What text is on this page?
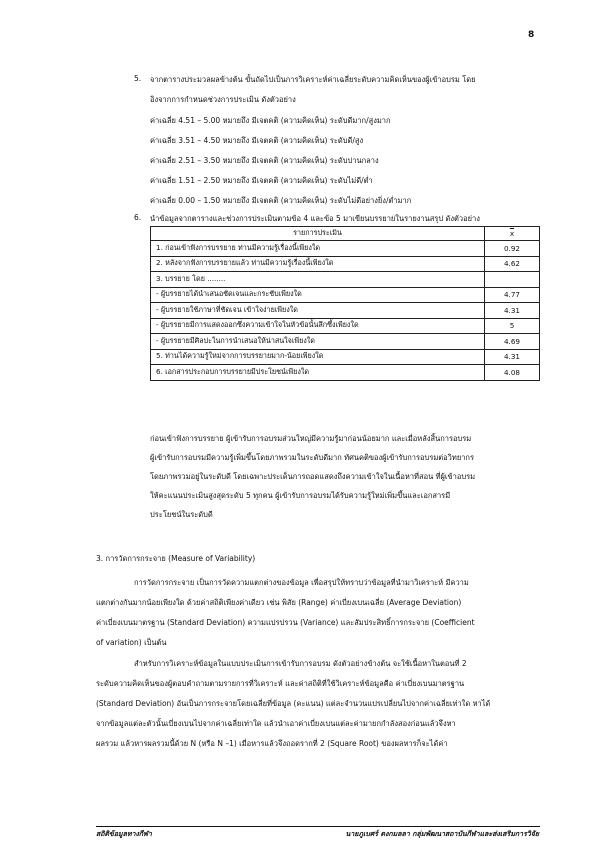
8
5. จากตารางประมวลผลข้างต้น ขั้นถัดไปเป็นการวิเคราะห์ค่าเฉลี่ยระดับความคิดเห็นของผู้เข้าอบรม โดย
อิงจากการกำหนดช่วงการประเมิน ดังตัวอย่าง
ค่าเฉลี่ย 4.51 – 5.00 หมายถึง มีเจตคติ (ความคิดเห็น) ระดับดีมาก/สูงมาก
ค่าเฉลี่ย 3.51 – 4.50 หมายถึง มีเจตคติ (ความคิดเห็น) ระดับดี/สูง
ค่าเฉลี่ย 2.51 – 3.50 หมายถึง มีเจตคติ (ความคิดเห็น) ระดับปานกลาง
ค่าเฉลี่ย 1.51 – 2.50 หมายถึง มีเจตคติ (ความคิดเห็น) ระดับไม่ดี/ต่ำ
ค่าเฉลี่ย 0.00 – 1.50 หมายถึง มีเจตคติ (ความคิดเห็น) ระดับไม่ดีอย่างยิ่ง/ต่ำมาก
6. นำข้อมูลจากตารางและช่วงการประเมินตามข้อ 4 และข้อ 5 มาเขียนบรรยายในรายงานสรุป ดังตัวอย่าง
รายการประเมิน	$\overline{x}$
1. ก่อนเข้าฟังการบรรยาย ท่านมีความรู้เรื่องนี้เพียงใด	0.92
2. หลังจากฟังการบรรยายแล้ว ท่านมีความรู้เรื่องนี้เพียงใด	4.62
3. บรรยาย โดย ........	
- ผู้บรรยายได้นำเสนอชัดเจนและกระชับเพียงใด	4.77
- ผู้บรรยายใช้ภาษาที่ชัดเจน เข้าใจง่ายเพียงใด	4.31
- ผู้บรรยายมีการแสดงออกซึ่งความเข้าใจในหัวข้อนั้นลึกซึ้งเพียงใด	5
- ผู้บรรยายมีศิลปะในการนำเสนอให้น่าสนใจเพียงใด	4.69
5. ท่านได้ความรู้ใหม่จากการบรรยายมาก-น้อยเพียงใด	4.31
6. เอกสารประกอบการบรรยายมีประโยชน์เพียงใด	4.08
ก่อนเข้าฟังการบรรยาย ผู้เข้ารับการอบรมส่วนใหญ่มีความรู้มาก่อนน้อยมาก และเมื่อหลังสิ้นการอบรม
ผู้เข้ารับการอบรมมีความรู้เพิ่มขึ้นโดยภาพรวมในระดับดีมาก ทัศนคติของผู้เข้ารับการอบรมต่อวิทยากร
โดยภาพรวมอยู่ในระดับดี โดยเฉพาะประเด็นการถอดแสดงถึงความเข้าใจในเนื้อหาที่สอน ที่ผู้เข้าอบรม
ให้คะแนนประเมินสูงสุดระดับ 5 ทุกคน ผู้เข้ารับการอบรมได้รับความรู้ใหม่เพิ่มขึ้นและเอกสารมี
ประโยชน์ในระดับดี
3. การวัดการกระจาย (Measure of Variability)
การวัดการกระจาย เป็นการวัดความแตกต่างของข้อมูล เพื่อสรุปให้ทราบว่าข้อมูลที่นำมาวิเคราะห์ มีความ
แตกต่างกันมากน้อยเพียงใด ด้วยค่าสถิติเพียงค่าเดียว เช่น พิสัย (Range) ค่าเบี่ยงเบนเฉลี่ย (Average Deviation)
ค่าเบี่ยงเบนมาตรฐาน (Standard Deviation) ความแปรปรวน (Variance) และสัมประสิทธิ์การกระจาย (Coefficient
of variation) เป็นต้น
สำหรับการวิเคราะห์ข้อมูลในแบบประเมินการเข้ารับการอบรม ดังตัวอย่างข้างต้น จะใช้เนื้อหาในตอนที่ 2
ระดับความคิดเห็นของผู้ตอบคำถามตามรายการที่วิเคราะห์ และค่าสถิติที่ใช้วิเคราะห์ข้อมูลคือ ค่าเบี่ยงเบนมาตรฐาน
(Standard Deviation) อันเป็นการกระจายโดยเฉลี่ยที่ข้อมูล (คะแนน) แต่ละจำนวนแปรเปลี่ยนไปจากค่าเฉลี่ยเท่าใด หาได้
จากข้อมูลแต่ละตัวนั้นเบี่ยงเบนไปจากค่าเฉลี่ยเท่าใด แล้วนำเอาค่าเบี่ยงเบนแต่ละค่ามายกกำลังสองก่อนแล้วจึงหา
ผลรวม แล้วหารผลรวมนี้ด้วย N (หรือ N –1) เมื่อหารแล้วจึงถอดรากที่ 2 (Square Root) ของผลหารก็จะได้ค่า
สถิติข้อมูลทางกีฬา	นายภูเบศร์ ดงกมลลา กลุ่มพัฒนาสถาบันกีฬาและส่งเสริมการวิจัย
